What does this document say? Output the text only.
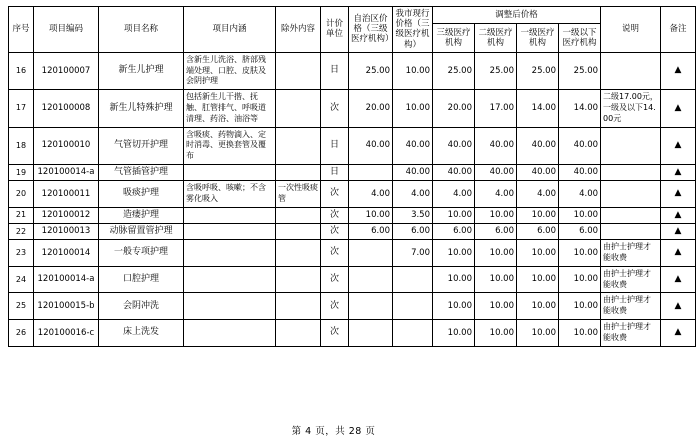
序号	项目编码	项目名称	项目内涵	除外内容	计价单位	自治区价格（三级医疗机构）	我市现行价格（三级医疗机构）	调整后价格				说明	备注

								三级医疗机构	二级医疗机构	一级医疗机构	一级以下医疗机构		

16	120100007	新生儿护理	含新生儿洗浴、脐部残端处理、口腔、皮肤及会阴护理		日	25.00	10.00	25.00	25.00	25.00	25.00		▲
17	120100008	新生儿特殊护理	包括新生儿干揩、抚触、肛管排气、呼吸道清理、药浴、油浴等		次	20.00	10.00	20.00	17.00	14.00	14.00	二级17.00元，一级及以下14.00元	▲
18	120100010	气管切开护理	含吸痰、药物滴入、定时消毒、更换套管及覆布		日	40.00	40.00	40.00	40.00	40.00	40.00		▲
19	120100014-a	气管插管护理			日		40.00	40.00	40.00	40.00	40.00		▲
20	120100011	吸痰护理	含吸呼吸、咳嗽；不含雾化吸入	一次性吸痰管	次	4.00	4.00	4.00	4.00	4.00	4.00		▲
21	120100012	造瘘护理			次	10.00	3.50	10.00	10.00	10.00	10.00		▲
22	120100013	动脉留置管护理			次	6.00	6.00	6.00	6.00	6.00	6.00		▲
23	120100014	一般专项护理			次		7.00	10.00	10.00	10.00	10.00	由护士护理才能收费	▲
24	120100014-a	口腔护理			次			10.00	10.00	10.00	10.00	由护士护理才能收费	▲
25	120100015-b	会阴冲洗			次			10.00	10.00	10.00	10.00	由护士护理才能收费	▲
26	120100016-c	床上洗发			次			10.00	10.00	10.00	10.00	由护士护理才能收费	▲
第 4 页，共 28 页
